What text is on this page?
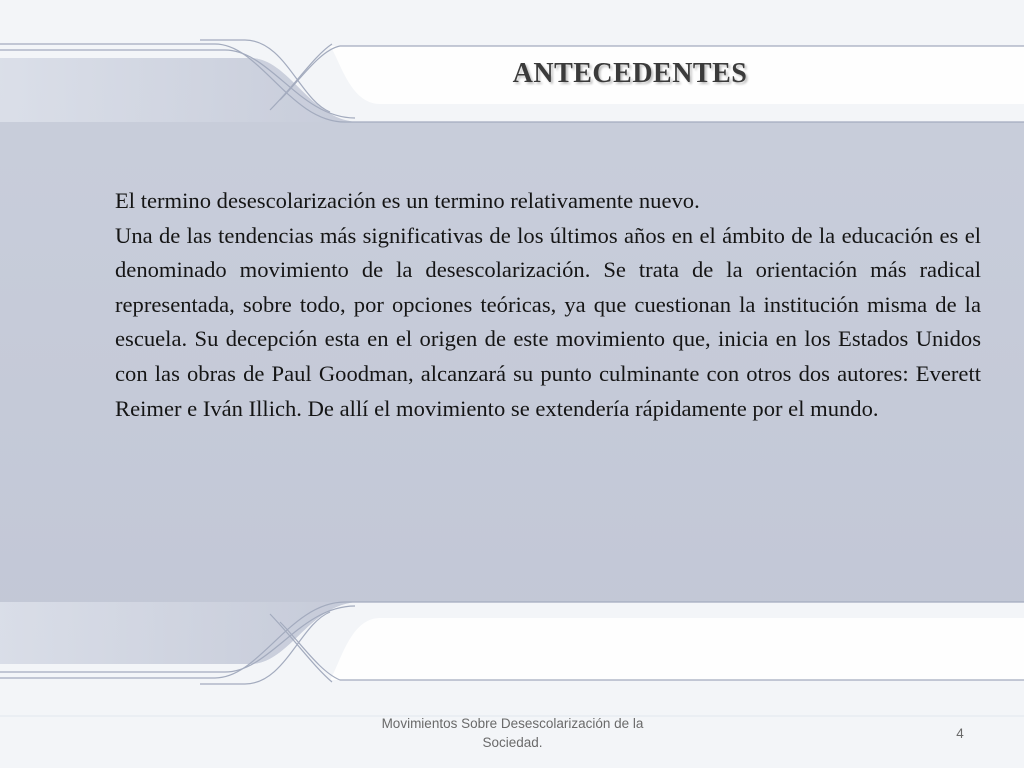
ANTECEDENTES

El termino desescolarización es un termino relativamente nuevo.

Una de las tendencias más significativas de los últimos años en el ámbito de la educación es el denominado movimiento de la desescolarización. Se trata de la orientación más radical representada, sobre todo, por opciones teóricas, ya que cuestionan la institución misma de la escuela. Su decepción esta en el origen de este movimiento que, inicia en los Estados Unidos con las obras de Paul Goodman, alcanzará su punto culminante con otros dos autores: Everett Reimer e Iván Illich. De allí el movimiento se extendería rápidamente por el mundo.

Movimientos Sobre Desescolarización de la Sociedad.
4
